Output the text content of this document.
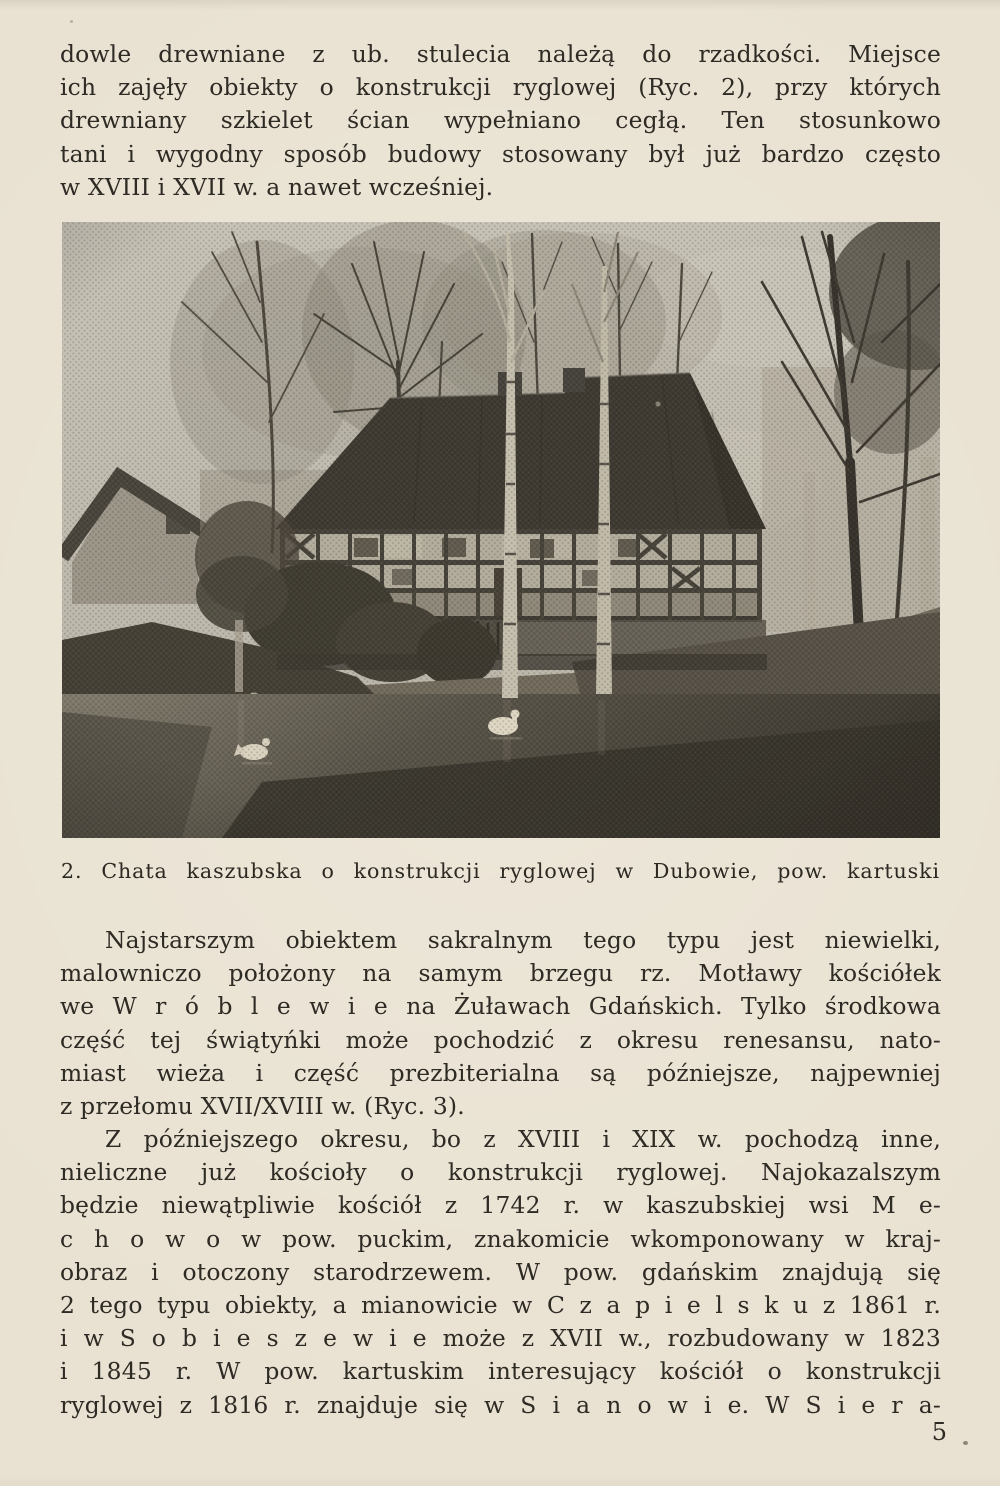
dowle drewniane z ub. stulecia należą do rzadkości. Miejsce
ich zajęły obiekty o konstrukcji ryglowej (Ryc. 2), przy których
drewniany szkielet ścian wypełniano cegłą. Ten stosunkowo
tani i wygodny sposób budowy stosowany był już bardzo często
w XVIII i XVII w. a nawet wcześniej.
2. Chata kaszubska o konstrukcji ryglowej w Dubowie, pow. kartuski
Najstarszym obiektem sakralnym tego typu jest niewielki,
malowniczo położony na samym brzegu rz. Motławy kościółek
we W r ó b l e w i e na Żuławach Gdańskich. Tylko środkowa
część tej świątyńki może pochodzić z okresu renesansu, nato-
miast wieża i część prezbiterialna są późniejsze, najpewniej
z przełomu XVII/XVIII w. (Ryc. 3).
Z późniejszego okresu, bo z XVIII i XIX w. pochodzą inne,
nieliczne już kościoły o konstrukcji ryglowej. Najokazalszym
będzie niewątpliwie kościół z 1742 r. w kaszubskiej wsi M e-
c h o w o w pow. puckim, znakomicie wkomponowany w kraj-
obraz i otoczony starodrzewem. W pow. gdańskim znajdują się
2 tego typu obiekty, a mianowicie w C z a p i e l s k u z 1861 r.
i w S o b i e s z e w i e może z XVII w., rozbudowany w 1823
i 1845 r. W pow. kartuskim interesujący kościół o konstrukcji
ryglowej z 1816 r. znajduje się w S i a n o w i e. W S i e r a-
5
